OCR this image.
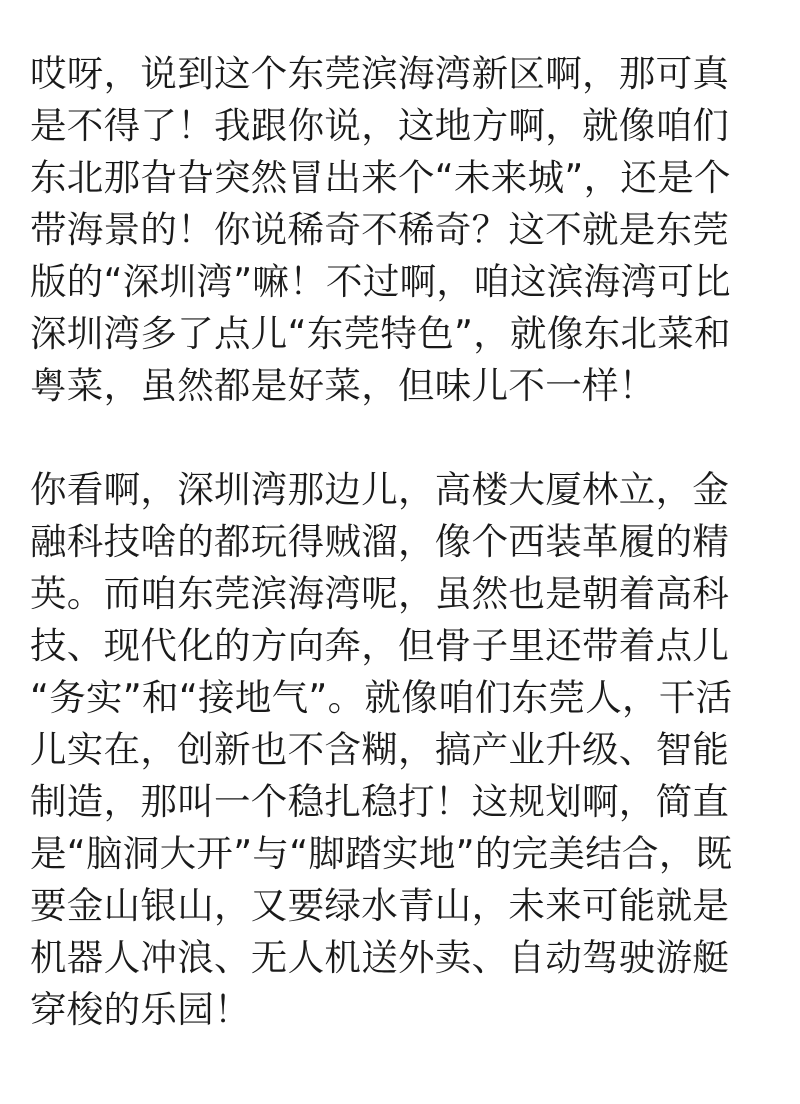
哎呀，说到这个东莞滨海湾新区啊，那可真
是不得了！我跟你说，这地方啊，就像咱们
东北那旮旮突然冒出来个“未来城”，还是个
带海景的！你说稀奇不稀奇？这不就是东莞
版的“深圳湾”嘛！不过啊，咱这滨海湾可比
深圳湾多了点儿“东莞特色”，就像东北菜和
粤菜，虽然都是好菜，但味儿不一样！
你看啊，深圳湾那边儿，高楼大厦林立，金
融科技啥的都玩得贼溜，像个西装革履的精
英。而咱东莞滨海湾呢，虽然也是朝着高科
技、现代化的方向奔，但骨子里还带着点儿
“务实”和“接地气”。就像咱们东莞人，干活
儿实在，创新也不含糊，搞产业升级、智能
制造，那叫一个稳扎稳打！这规划啊，简直
是“脑洞大开”与“脚踏实地”的完美结合，既
要金山银山，又要绿水青山，未来可能就是
机器人冲浪、无人机送外卖、自动驾驶游艇
穿梭的乐园！
